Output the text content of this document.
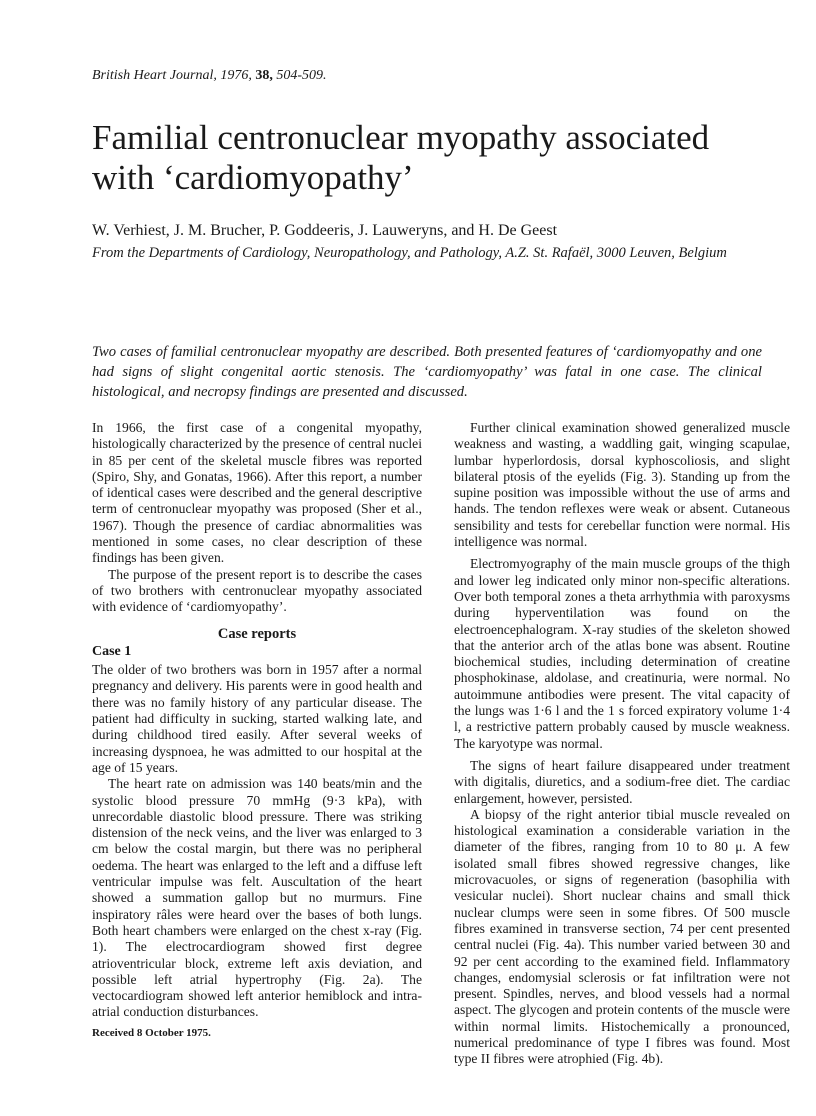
British Heart Journal, 1976, 38, 504-509.
Familial centronuclear myopathy associated with ‘cardiomyopathy’
W. Verhiest, J. M. Brucher, P. Goddeeris, J. Lauweryns, and H. De Geest
From the Departments of Cardiology, Neuropathology, and Pathology, A.Z. St. Rafaël, 3000 Leuven, Belgium

Two cases of familial centronuclear myopathy are described. Both presented features of ‘cardiomyopathy and one had signs of slight congenital aortic stenosis. The ‘cardiomyopathy’ was fatal in one case. The clinical histological, and necropsy findings are presented and discussed.

In 1966, the first case of a congenital myopathy, histologically characterized by the presence of central nuclei in 85 per cent of the skeletal muscle fibres was reported (Spiro, Shy, and Gonatas, 1966). After this report, a number of identical cases were described and the general descriptive term of centronuclear myopathy was proposed (Sher et al., 1967). Though the presence of cardiac abnormalities was mentioned in some cases, no clear description of these findings has been given.

The purpose of the present report is to describe the cases of two brothers with centronuclear myopathy associated with evidence of ‘cardiomyopathy’.

Case reports
Case 1

The older of two brothers was born in 1957 after a normal pregnancy and delivery. His parents were in good health and there was no family history of any particular disease. The patient had difficulty in sucking, started walking late, and during childhood tired easily. After several weeks of increasing dyspnoea, he was admitted to our hospital at the age of 15 years.

The heart rate on admission was 140 beats/min and the systolic blood pressure 70 mmHg (9·3 kPa), with unrecordable diastolic blood pressure. There was striking distension of the neck veins, and the liver was enlarged to 3 cm below the costal margin, but there was no peripheral oedema. The heart was enlarged to the left and a diffuse left ventricular impulse was felt. Auscultation of the heart showed a summation gallop but no murmurs. Fine inspiratory râles were heard over the bases of both lungs. Both heart chambers were enlarged on the chest x-ray (Fig. 1). The electrocardiogram showed first degree atrioventricular block, extreme left axis deviation, and possible left atrial hypertrophy (Fig. 2a). The vectocardiogram showed left anterior hemiblock and intra-atrial conduction disturbances.

Received 8 October 1975.

Further clinical examination showed generalized muscle weakness and wasting, a waddling gait, winging scapulae, lumbar hyperlordosis, dorsal kyphoscoliosis, and slight bilateral ptosis of the eyelids (Fig. 3). Standing up from the supine position was impossible without the use of arms and hands. The tendon reflexes were weak or absent. Cutaneous sensibility and tests for cerebellar function were normal. His intelligence was normal.

Electromyography of the main muscle groups of the thigh and lower leg indicated only minor non-specific alterations. Over both temporal zones a theta arrhythmia with paroxysms during hyperventilation was found on the electroencephalogram. X-ray studies of the skeleton showed that the anterior arch of the atlas bone was absent. Routine biochemical studies, including determination of creatine phosphokinase, aldolase, and creatinuria, were normal. No autoimmune antibodies were present. The vital capacity of the lungs was 1·6 l and the 1 s forced expiratory volume 1·4 l, a restrictive pattern probably caused by muscle weakness. The karyotype was normal.

The signs of heart failure disappeared under treatment with digitalis, diuretics, and a sodium-free diet. The cardiac enlargement, however, persisted.

A biopsy of the right anterior tibial muscle revealed on histological examination a considerable variation in the diameter of the fibres, ranging from 10 to 80 μ. A few isolated small fibres showed regressive changes, like microvacuoles, or signs of regeneration (basophilia with vesicular nuclei). Short nuclear chains and small thick nuclear clumps were seen in some fibres. Of 500 muscle fibres examined in transverse section, 74 per cent presented central nuclei (Fig. 4a). This number varied between 30 and 92 per cent according to the examined field. Inflammatory changes, endomysial sclerosis or fat infiltration were not present. Spindles, nerves, and blood vessels had a normal aspect. The glycogen and protein contents of the muscle were within normal limits. Histochemically a pronounced, numerical predominance of type I fibres was found. Most type II fibres were atrophied (Fig. 4b).
